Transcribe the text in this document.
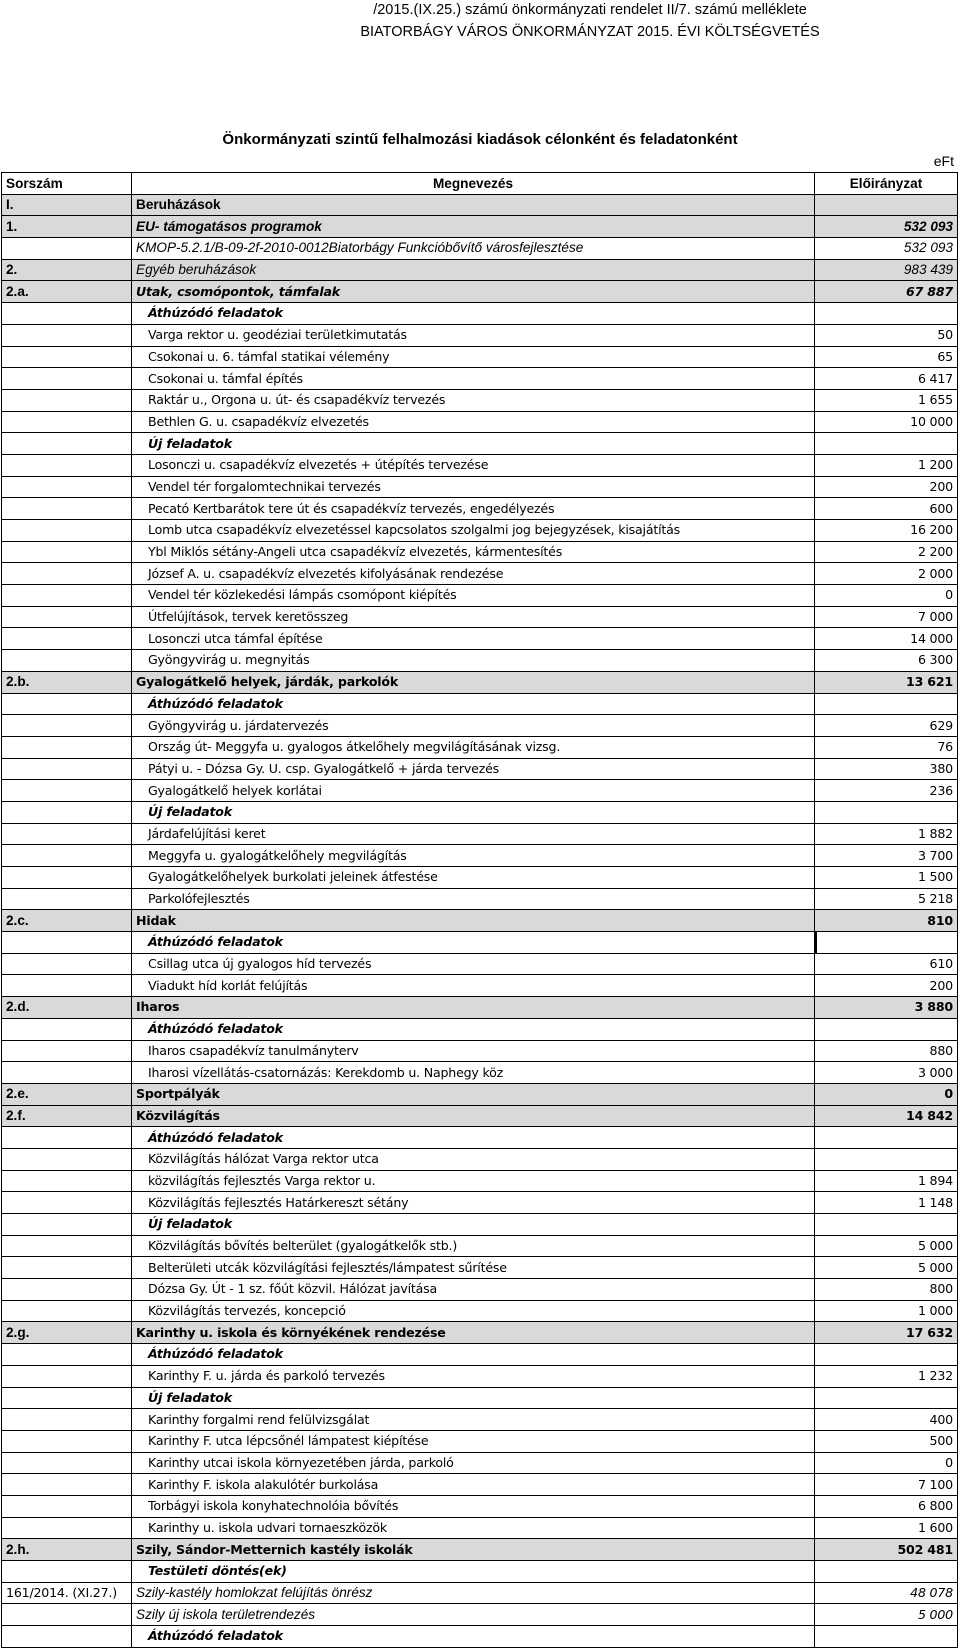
/2015.(IX.25.) számú önkormányzati rendelet II/7. számú melléklete
BIATORBÁGY VÁROS ÖNKORMÁNYZAT 2015. ÉVI KÖLTSÉGVETÉS
Önkormányzati szintű felhalmozási kiadások célonként és feladatonként
eFt
Sorszám	Megnevezés	Előirányzat
I.	Beruházások	
1.	EU- támogatásos programok	532 093
	KMOP-5.2.1/B-09-2f-2010-0012Biatorbágy Funkcióbővítő városfejlesztése	532 093
2.	Egyéb beruházások	983 439
2.a.	Utak, csomópontok, támfalak	67 887
	Áthúzódó feladatok	
	Varga rektor u. geodéziai területkimutatás	50
	Csokonai u. 6. támfal statikai vélemény	65
	Csokonai u. támfal építés	6 417
	Raktár u., Orgona u. út- és csapadékvíz tervezés	1 655
	Bethlen G. u. csapadékvíz elvezetés	10 000
	Új feladatok	
	Losonczi u. csapadékvíz elvezetés + útépítés tervezése	1 200
	Vendel tér forgalomtechnikai tervezés	200
	Pecató Kertbarátok tere út és csapadékvíz tervezés, engedélyezés	600
	Lomb utca csapadékvíz elvezetéssel kapcsolatos szolgalmi jog bejegyzések, kisajátítás	16 200
	Ybl Miklós sétány-Angeli utca csapadékvíz elvezetés, kármentesítés	2 200
	József A. u. csapadékvíz elvezetés kifolyásának rendezése	2 000
	Vendel tér közlekedési lámpás csomópont kiépítés	0
	Útfelújítások, tervek keretösszeg	7 000
	Losonczi utca támfal építése	14 000
	Gyöngyvirág u. megnyitás	6 300
2.b.	Gyalogátkelő helyek, járdák, parkolók	13 621
	Áthúzódó feladatok	
	Gyöngyvirág u. járdatervezés	629
	Ország út- Meggyfa u. gyalogos átkelőhely megvilágításának vizsg.	76
	Pátyi u. - Dózsa Gy. U. csp. Gyalogátkelő + járda tervezés	380
	Gyalogátkelő helyek korlátai	236
	Új feladatok	
	Járdafelújítási keret	1 882
	Meggyfa u. gyalogátkelőhely megvilágítás	3 700
	Gyalogátkelőhelyek burkolati jeleinek átfestése	1 500
	Parkolófejlesztés	5 218
2.c.	Hidak	810
	Áthúzódó feladatok	

	Csillag utca új gyalogos híd tervezés	610
	Viadukt híd korlát felújítás	200
2.d.	Iharos	3 880
	Áthúzódó feladatok	
	Iharos csapadékvíz tanulmányterv	880
	Iharosi vízellátás-csatornázás: Kerekdomb u. Naphegy köz	3 000
2.e.	Sportpályák	0
2.f.	Közvilágítás	14 842
	Áthúzódó feladatok	
	Közvilágítás hálózat Varga rektor utca	
	közvilágítás fejlesztés Varga rektor u.	1 894
	Közvilágítás fejlesztés Határkereszt sétány	1 148
	Új feladatok	
	Közvilágítás bővítés belterület (gyalogátkelők stb.)	5 000
	Belterületi utcák közvilágítási fejlesztés/lámpatest sűrítése	5 000
	Dózsa Gy. Út - 1 sz. főút közvil. Hálózat javítása	800
	Közvilágítás tervezés, koncepció	1 000
2.g.	Karinthy u. iskola és környékének rendezése	17 632
	Áthúzódó feladatok	
	Karinthy F. u. járda és parkoló tervezés	1 232
	Új feladatok	
	Karinthy forgalmi rend felülvizsgálat	400
	Karinthy F. utca lépcsőnél lámpatest kiépítése	500
	Karinthy utcai iskola környezetében járda, parkoló	0
	Karinthy F. iskola alakulótér burkolása	7 100
	Torbágyi iskola konyhatechnolóia bővítés	6 800
	Karinthy u. iskola udvari tornaeszközök	1 600
2.h.	Szily, Sándor-Metternich kastély iskolák	502 481
	Testületi döntés(ek)	
161/2014. (XI.27.)	Szily-kastély homlokzat felújítás önrész	48 078
	Szily új iskola területrendezés	5 000
	Áthúzódó feladatok	
